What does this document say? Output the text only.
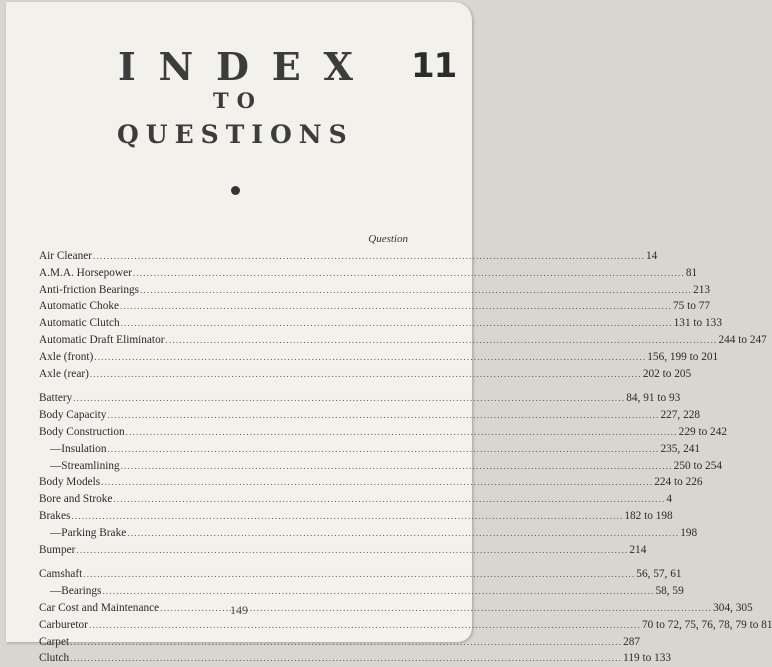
I N D E X
TO
QUESTIONS
11
Question
Air Cleaner .....	14
A.M.A. Horsepower .....	81
Anti-friction Bearings .....	213
Automatic Choke .....	75 to 77
Automatic Clutch .....	131 to 133
Automatic Draft Eliminator .....	244 to 247
Axle (front) .....	156, 199 to 201
Axle (rear) .....	202 to 205
Battery .....	84, 91 to 93
Body Capacity .....	227, 228
Body Construction .....	229 to 242
—Insulation .....	235, 241
—Streamlining .....	250 to 254
Body Models .....	224 to 226
Bore and Stroke .....	4
Brakes .....	182 to 198
—Parking Brake .....	198
Bumper .....	214
Camshaft .....	56, 57, 61
—Bearings .....	58, 59
Car Cost and Maintenance .....	304, 305
Carburetor .....	70 to 72, 75, 76, 78, 79 to 81
Carpet .....	287
Clutch .....	119 to 133
149
